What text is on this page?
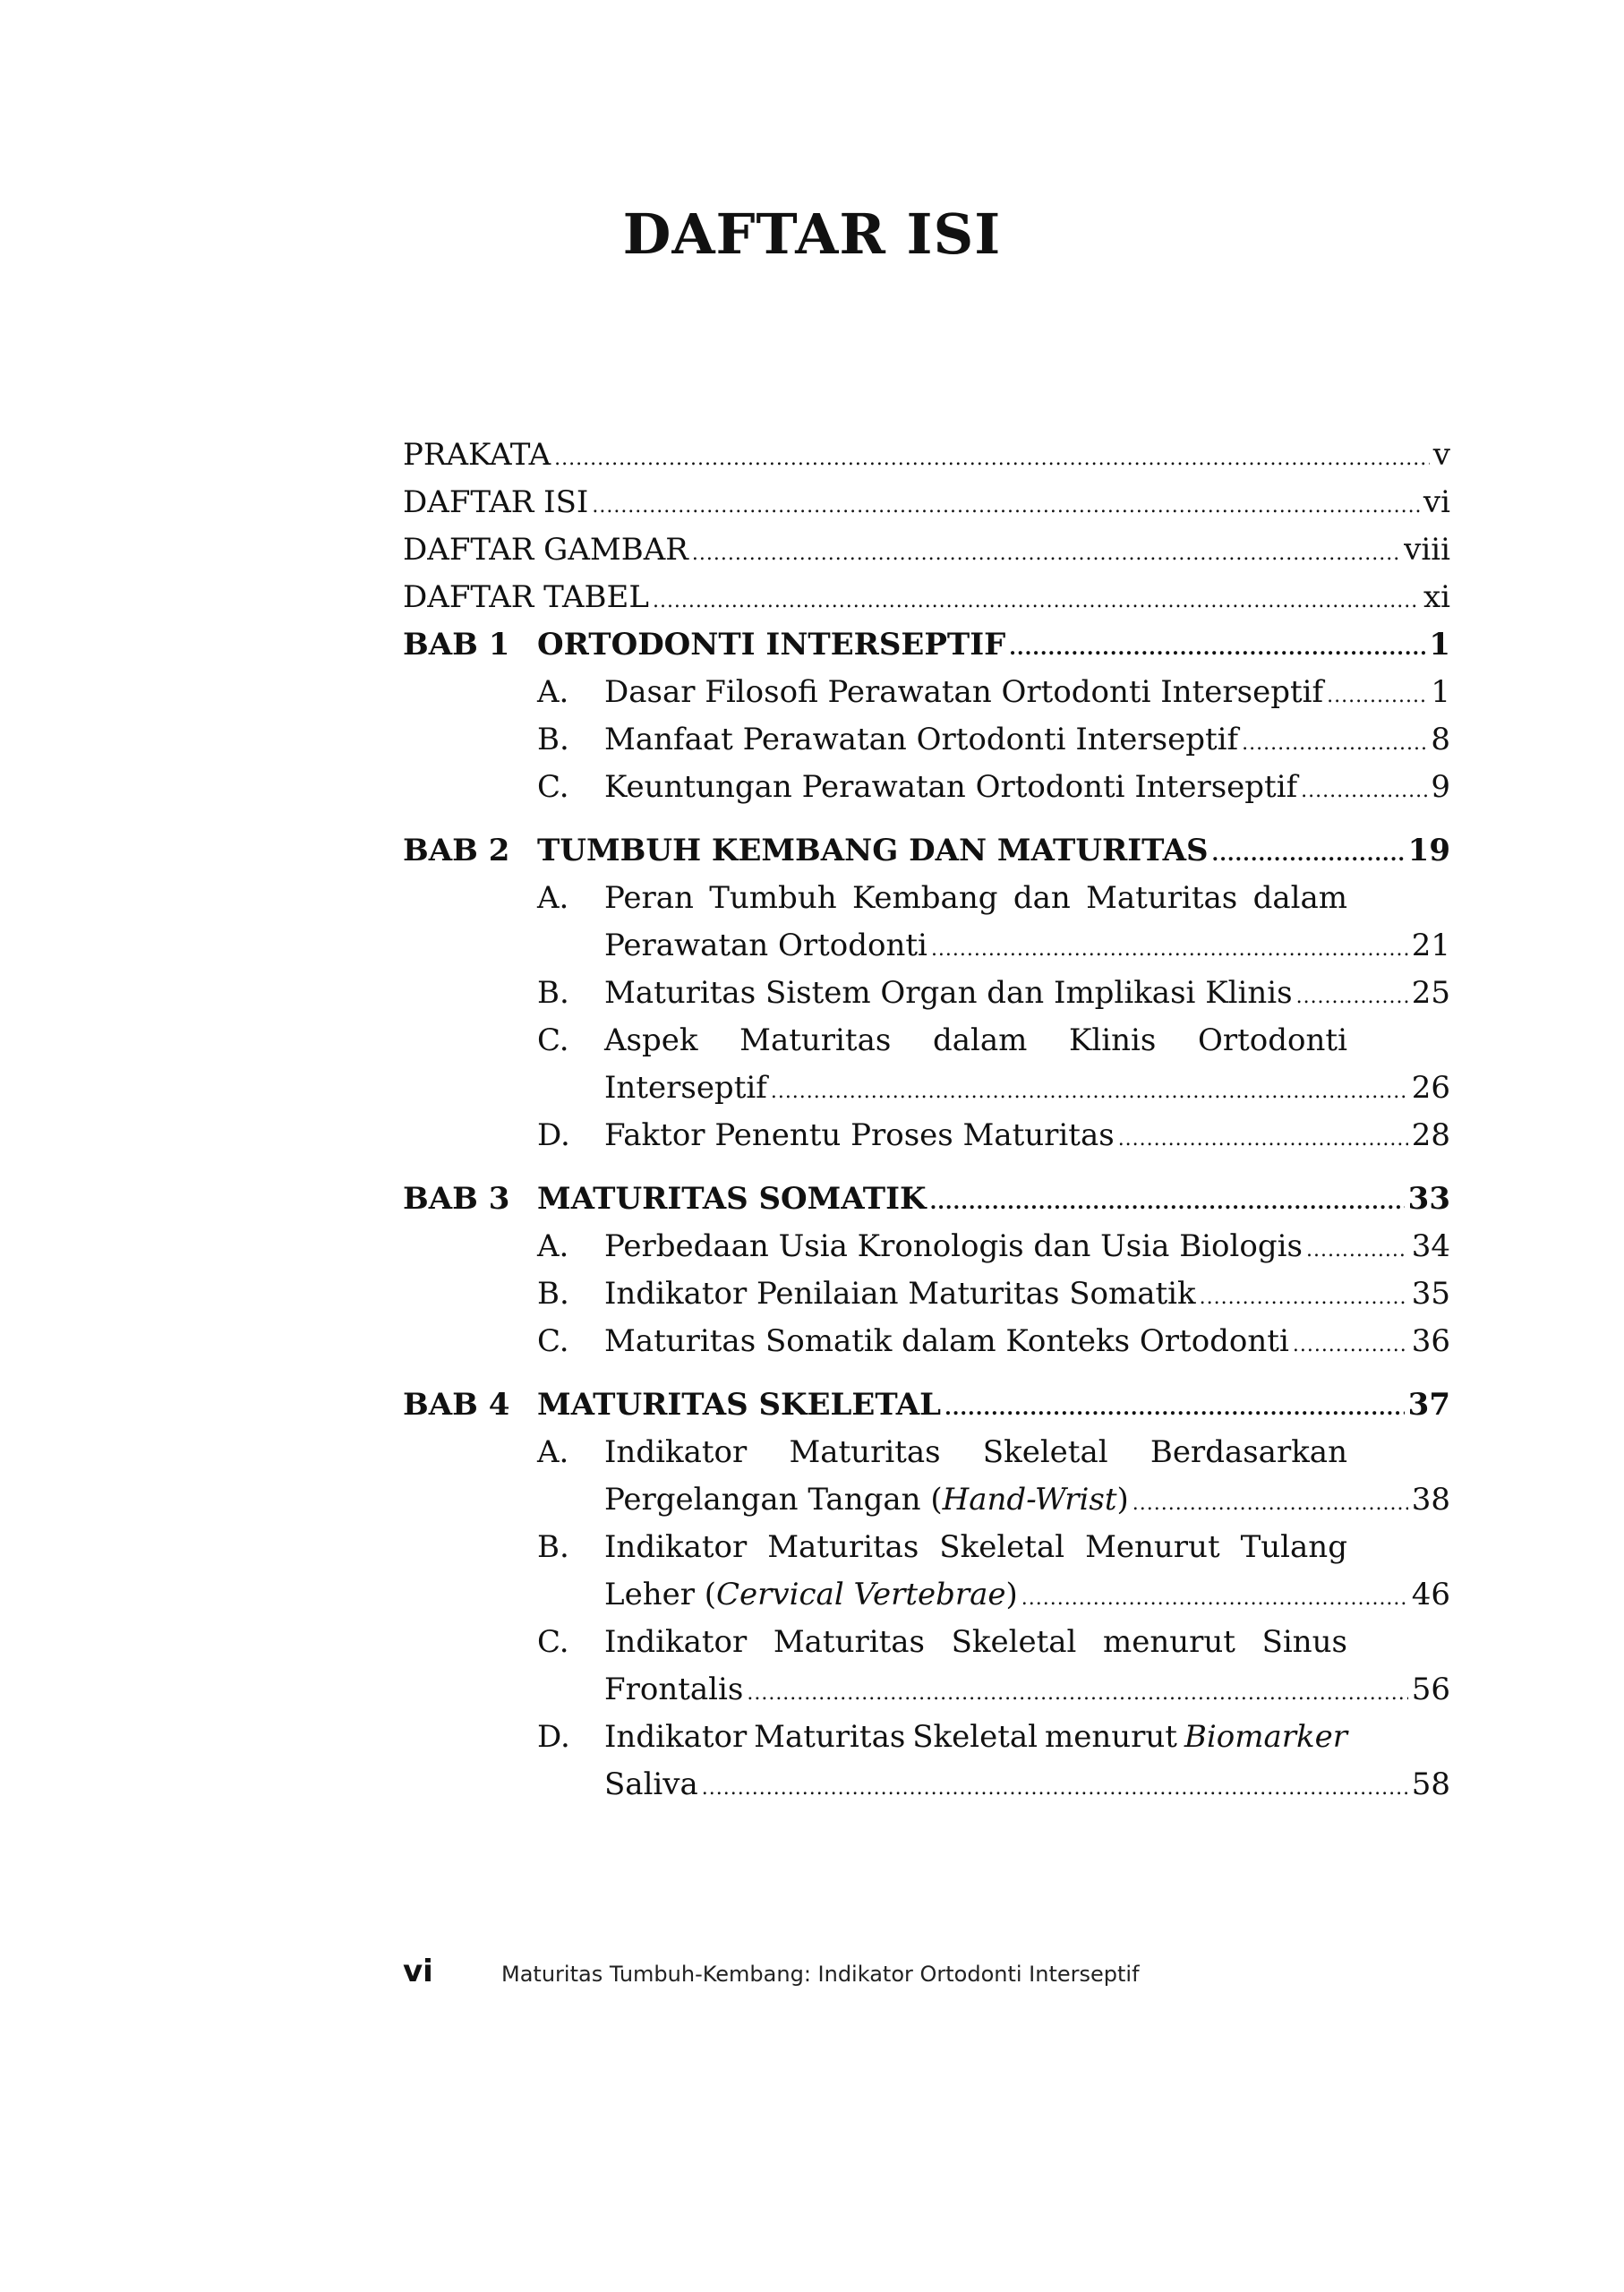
DAFTAR ISI
PRAKATA .....	v
DAFTAR ISI .....	vi
DAFTAR GAMBAR .....	viii
DAFTAR TABEL .....	xi
BAB 1 ORTODONTI INTERSEPTIF .....	1
A.	Dasar Filosofi Perawatan Ortodonti Interseptif .....	1
B.	Manfaat Perawatan Ortodonti Interseptif .....	8
C.	Keuntungan Perawatan Ortodonti Interseptif .....	9
BAB 2 TUMBUH KEMBANG DAN MATURITAS .....	19
A.	Peran Tumbuh Kembang dan Maturitas dalam
Perawatan Ortodonti .....	21
B.	Maturitas Sistem Organ dan Implikasi Klinis .....	25
C.	Aspek Maturitas dalam Klinis Ortodonti
Interseptif .....	26
D.	Faktor Penentu Proses Maturitas .....	28
BAB 3 MATURITAS SOMATIK .....	33
A.	Perbedaan Usia Kronologis dan Usia Biologis .....	34
B.	Indikator Penilaian Maturitas Somatik .....	35
C.	Maturitas Somatik dalam Konteks Ortodonti .....	36
BAB 4 MATURITAS SKELETAL .....	37
A.	Indikator Maturitas Skeletal Berdasarkan
Pergelangan Tangan (Hand-Wrist) .....	38
B.	Indikator Maturitas Skeletal Menurut Tulang
Leher (Cervical Vertebrae) .....	46
C.	Indikator Maturitas Skeletal menurut Sinus
Frontalis .....	56
D.	Indikator Maturitas Skeletal menurut Biomarker
Saliva .....	58
vi	Maturitas Tumbuh-Kembang: Indikator Ortodonti Interseptif
